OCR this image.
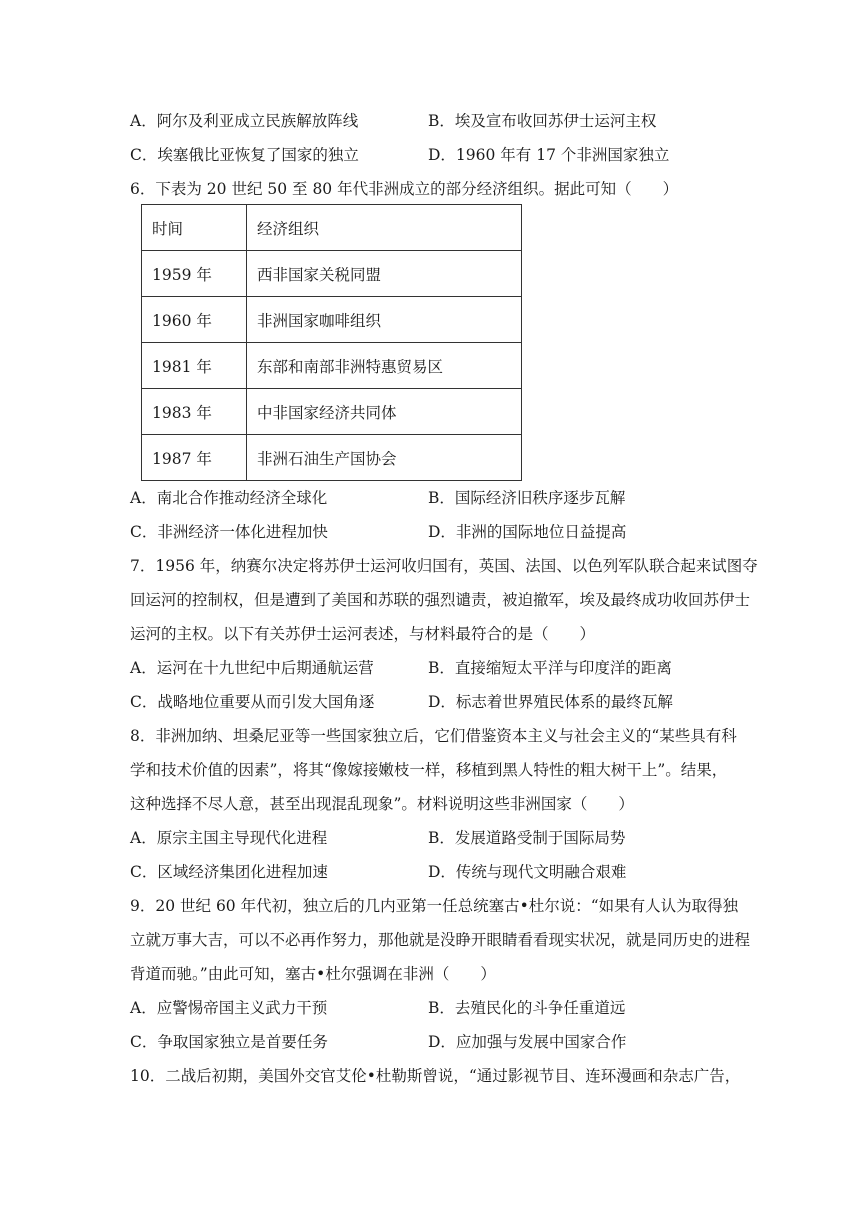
A．阿尔及利亚成立民族解放阵线	B．埃及宣布收回苏伊士运河主权
C．埃塞俄比亚恢复了国家的独立	D．1960 年有 17 个非洲国家独立
6．下表为 20 世纪 50 至 80 年代非洲成立的部分经济组织。据此可知（　　）
时间	经济组织
1959 年	西非国家关税同盟
1960 年	非洲国家咖啡组织
1981 年	东部和南部非洲特惠贸易区
1983 年	中非国家经济共同体
1987 年	非洲石油生产国协会
A．南北合作推动经济全球化	B．国际经济旧秩序逐步瓦解
C．非洲经济一体化进程加快	D．非洲的国际地位日益提高
7．1956 年，纳赛尔决定将苏伊士运河收归国有，英国、法国、以色列军队联合起来试图夺
回运河的控制权，但是遭到了美国和苏联的强烈谴责，被迫撤军，埃及最终成功收回苏伊士
运河的主权。以下有关苏伊士运河表述，与材料最符合的是（　　）
A．运河在十九世纪中后期通航运营	B．直接缩短太平洋与印度洋的距离
C．战略地位重要从而引发大国角逐	D．标志着世界殖民体系的最终瓦解
8．非洲加纳、坦桑尼亚等一些国家独立后，它们借鉴资本主义与社会主义的“某些具有科
学和技术价值的因素”，将其“像嫁接嫩枝一样，移植到黑人特性的粗大树干上”。结果，
这种选择不尽人意，甚至出现混乱现象”。材料说明这些非洲国家（　　）
A．原宗主国主导现代化进程	B．发展道路受制于国际局势
C．区域经济集团化进程加速	D．传统与现代文明融合艰难
9．20 世纪 60 年代初，独立后的几内亚第一任总统塞古•杜尔说：“如果有人认为取得独
立就万事大吉，可以不必再作努力，那他就是没睁开眼睛看看现实状况，就是同历史的进程
背道而驰。”由此可知，塞古•杜尔强调在非洲（　　）
A．应警惕帝国主义武力干预	B．去殖民化的斗争任重道远
C．争取国家独立是首要任务	D．应加强与发展中国家合作
10．二战后初期，美国外交官艾伦•杜勒斯曾说，“通过影视节目、连环漫画和杂志广告，
